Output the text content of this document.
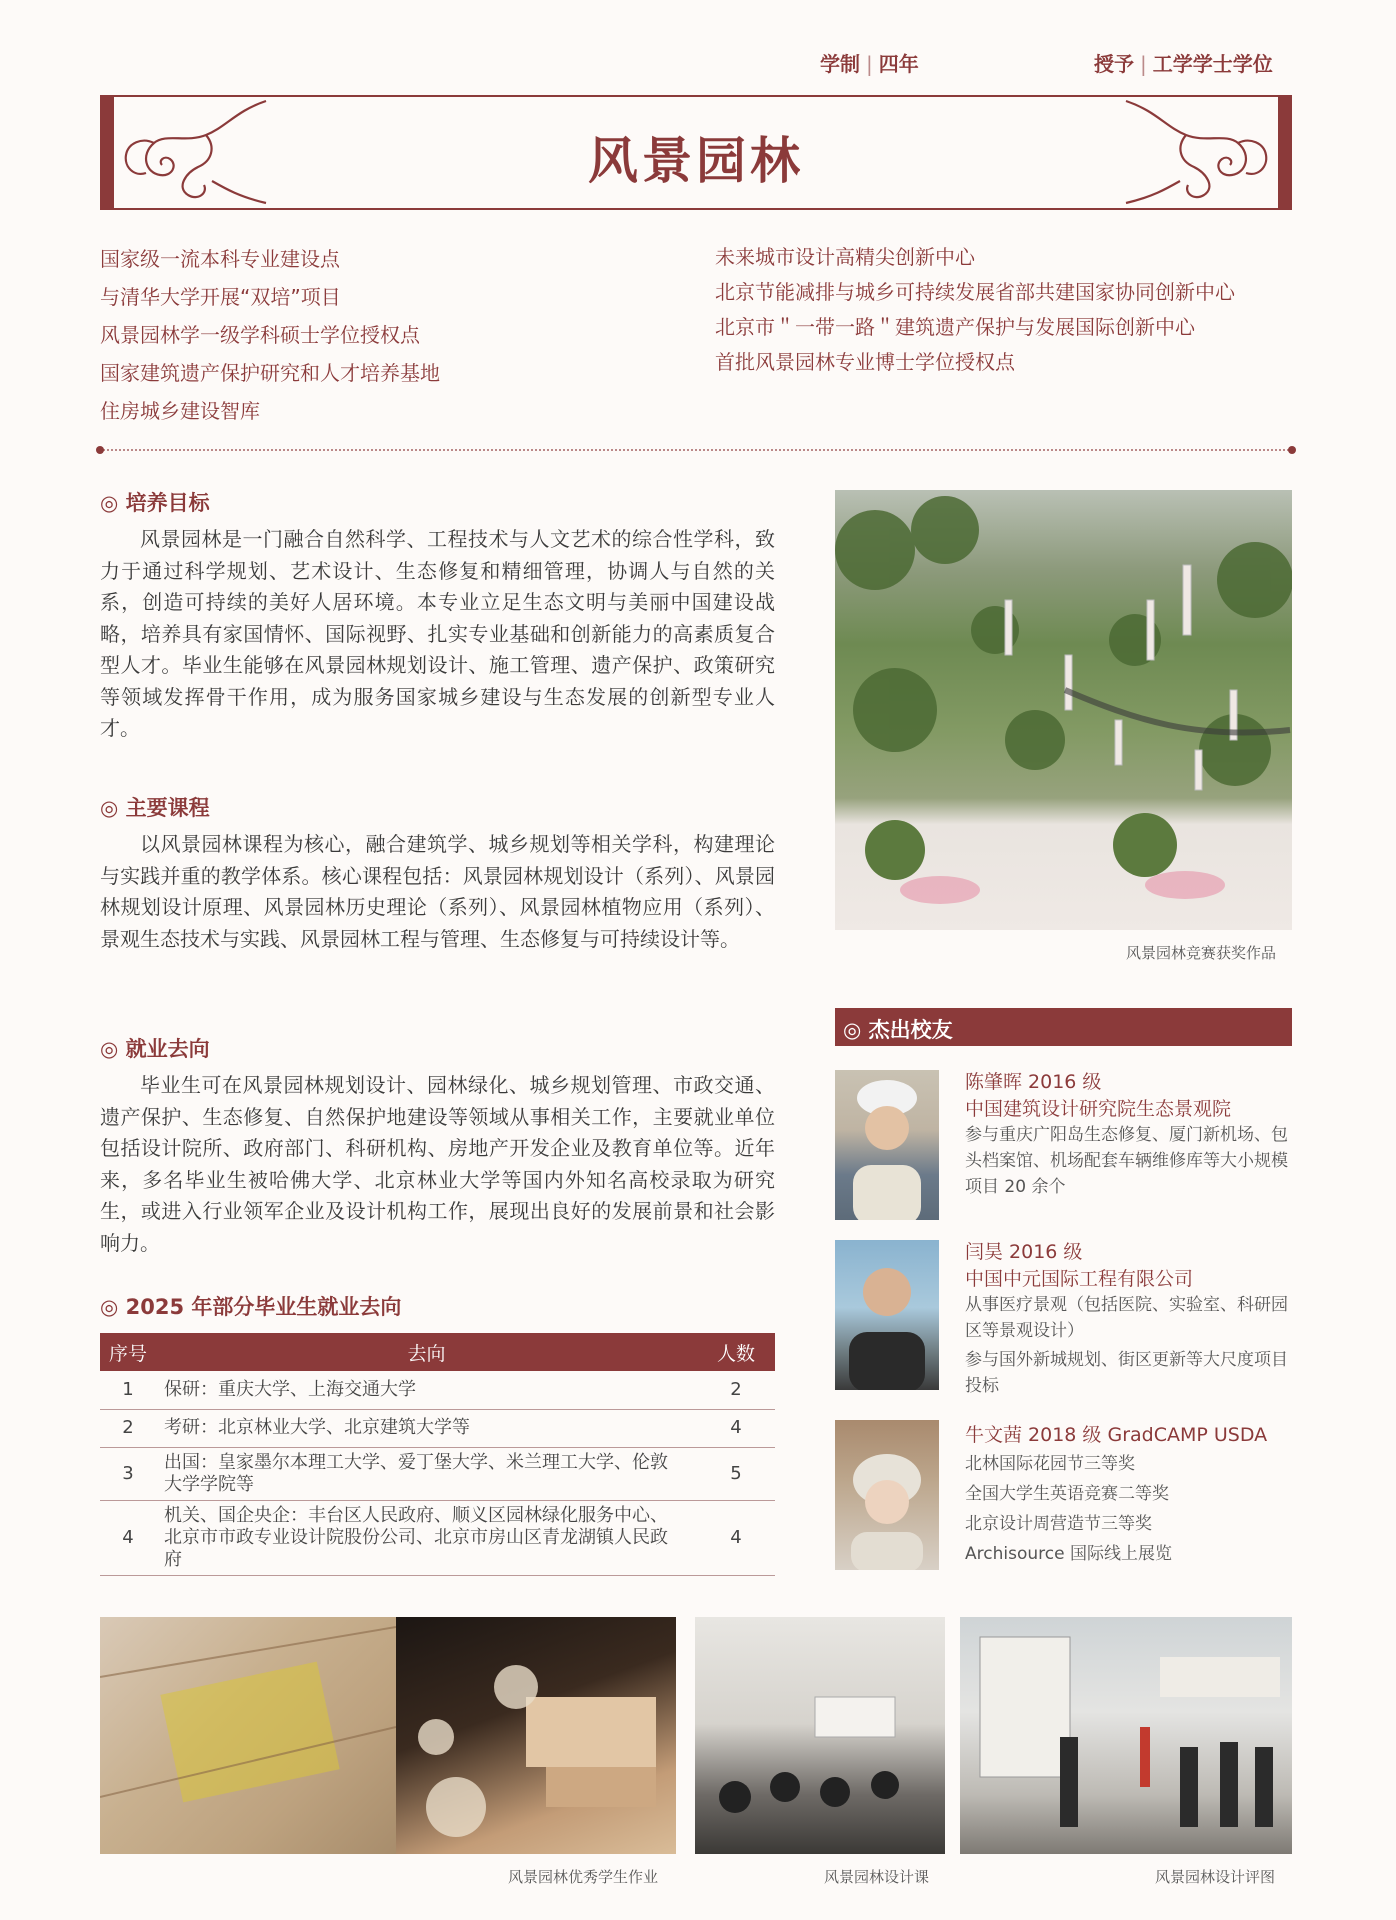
学制 | 四年	授予 | 工学学士学位
风景园林
国家级一流本科专业建设点
与清华大学开展“双培”项目
风景园林学一级学科硕士学位授权点
国家建筑遗产保护研究和人才培养基地
住房城乡建设智库
未来城市设计高精尖创新中心
北京节能减排与城乡可持续发展省部共建国家协同创新中心
北京市＂一带一路＂建筑遗产保护与发展国际创新中心
首批风景园林专业博士学位授权点
◎ 培养目标
风景园林是一门融合自然科学、工程技术与人文艺术的综合性学科，致力于通过科学规划、艺术设计、生态修复和精细管理，协调人与自然的关系，创造可持续的美好人居环境。本专业立足生态文明与美丽中国建设战略，培养具有家国情怀、国际视野、扎实专业基础和创新能力的高素质复合型人才。毕业生能够在风景园林规划设计、施工管理、遗产保护、政策研究等领域发挥骨干作用，成为服务国家城乡建设与生态发展的创新型专业人才。
◎ 主要课程
以风景园林课程为核心，融合建筑学、城乡规划等相关学科，构建理论与实践并重的教学体系。核心课程包括：风景园林规划设计（系列）、风景园林规划设计原理、风景园林历史理论（系列）、风景园林植物应用（系列）、景观生态技术与实践、风景园林工程与管理、生态修复与可持续设计等。
◎ 就业去向
毕业生可在风景园林规划设计、园林绿化、城乡规划管理、市政交通、遗产保护、生态修复、自然保护地建设等领域从事相关工作，主要就业单位包括设计院所、政府部门、科研机构、房地产开发企业及教育单位等。近年来，多名毕业生被哈佛大学、北京林业大学等国内外知名高校录取为研究生，或进入行业领军企业及设计机构工作，展现出良好的发展前景和社会影响力。
◎ 2025 年部分毕业生就业去向
序号	去向	人数
1	保研：重庆大学、上海交通大学	2
2	考研：北京林业大学、北京建筑大学等	4
3	出国：皇家墨尔本理工大学、爱丁堡大学、米兰理工大学、伦敦大学学院等	5
4	机关、国企央企：丰台区人民政府、顺义区园林绿化服务中心、北京市市政专业设计院股份公司、北京市房山区青龙湖镇人民政府	4
风景园林竞赛获奖作品
◎ 杰出校友
陈肇晖 2016 级
中国建筑设计研究院生态景观院
参与重庆广阳岛生态修复、厦门新机场、包头档案馆、机场配套车辆维修库等大小规模项目 20 余个
闫昊 2016 级
中国中元国际工程有限公司
从事医疗景观（包括医院、实验室、科研园区等景观设计）
参与国外新城规划、街区更新等大尺度项目投标
牛文茜 2018 级 GradCAMP USDA
北林国际花园节三等奖
全国大学生英语竞赛二等奖
北京设计周营造节三等奖
Archisource 国际线上展览
风景园林优秀学生作业	风景园林设计课	风景园林设计评图
